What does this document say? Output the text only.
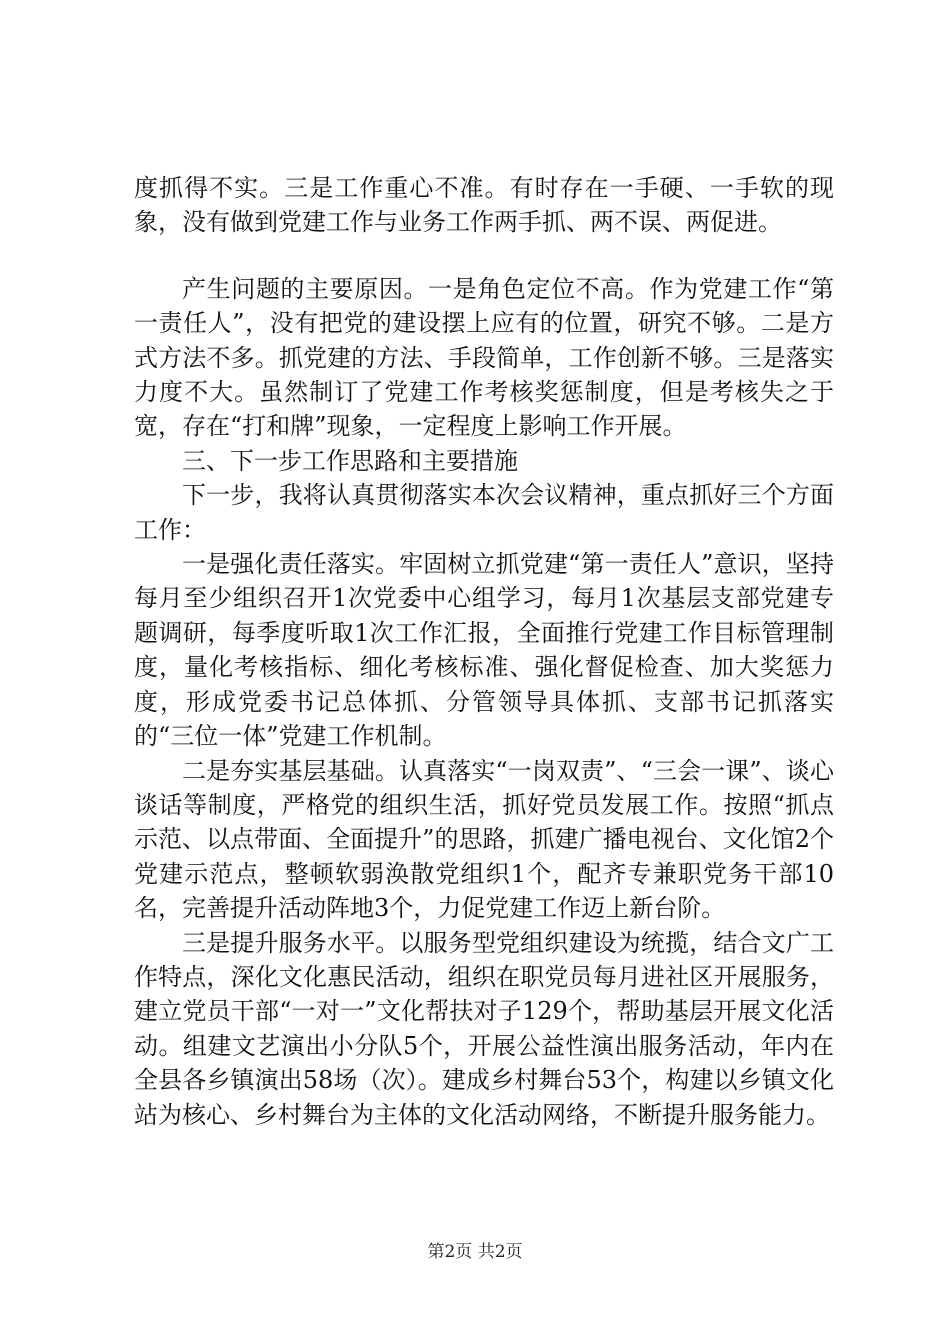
度抓得不实。三是工作重心不准。有时存在一手硬、一手软的现象，没有做到党建工作与业务工作两手抓、两不误、两促进。

产生问题的主要原因。一是角色定位不高。作为党建工作“第一责任人”，没有把党的建设摆上应有的位置，研究不够。二是方式方法不多。抓党建的方法、手段简单，工作创新不够。三是落实力度不大。虽然制订了党建工作考核奖惩制度，但是考核失之于宽，存在“打和牌”现象，一定程度上影响工作开展。

三、下一步工作思路和主要措施

下一步，我将认真贯彻落实本次会议精神，重点抓好三个方面工作：

一是强化责任落实。牢固树立抓党建“第一责任人”意识，坚持每月至少组织召开1次党委中心组学习，每月1次基层支部党建专题调研，每季度听取1次工作汇报，全面推行党建工作目标管理制度，量化考核指标、细化考核标准、强化督促检查、加大奖惩力度，形成党委书记总体抓、分管领导具体抓、支部书记抓落实的“三位一体”党建工作机制。

二是夯实基层基础。认真落实“一岗双责”、“三会一课”、谈心谈话等制度，严格党的组织生活，抓好党员发展工作。按照“抓点示范、以点带面、全面提升”的思路，抓建广播电视台、文化馆2个党建示范点，整顿软弱涣散党组织1个，配齐专兼职党务干部10名，完善提升活动阵地3个，力促党建工作迈上新台阶。

三是提升服务水平。以服务型党组织建设为统揽，结合文广工作特点，深化文化惠民活动，组织在职党员每月进社区开展服务，建立党员干部“一对一”文化帮扶对子129个，帮助基层开展文化活动。组建文艺演出小分队5个，开展公益性演出服务活动，年内在全县各乡镇演出58场（次）。建成乡村舞台53个，构建以乡镇文化站为核心、乡村舞台为主体的文化活动网络，不断提升服务能力。

第2页 共2页
